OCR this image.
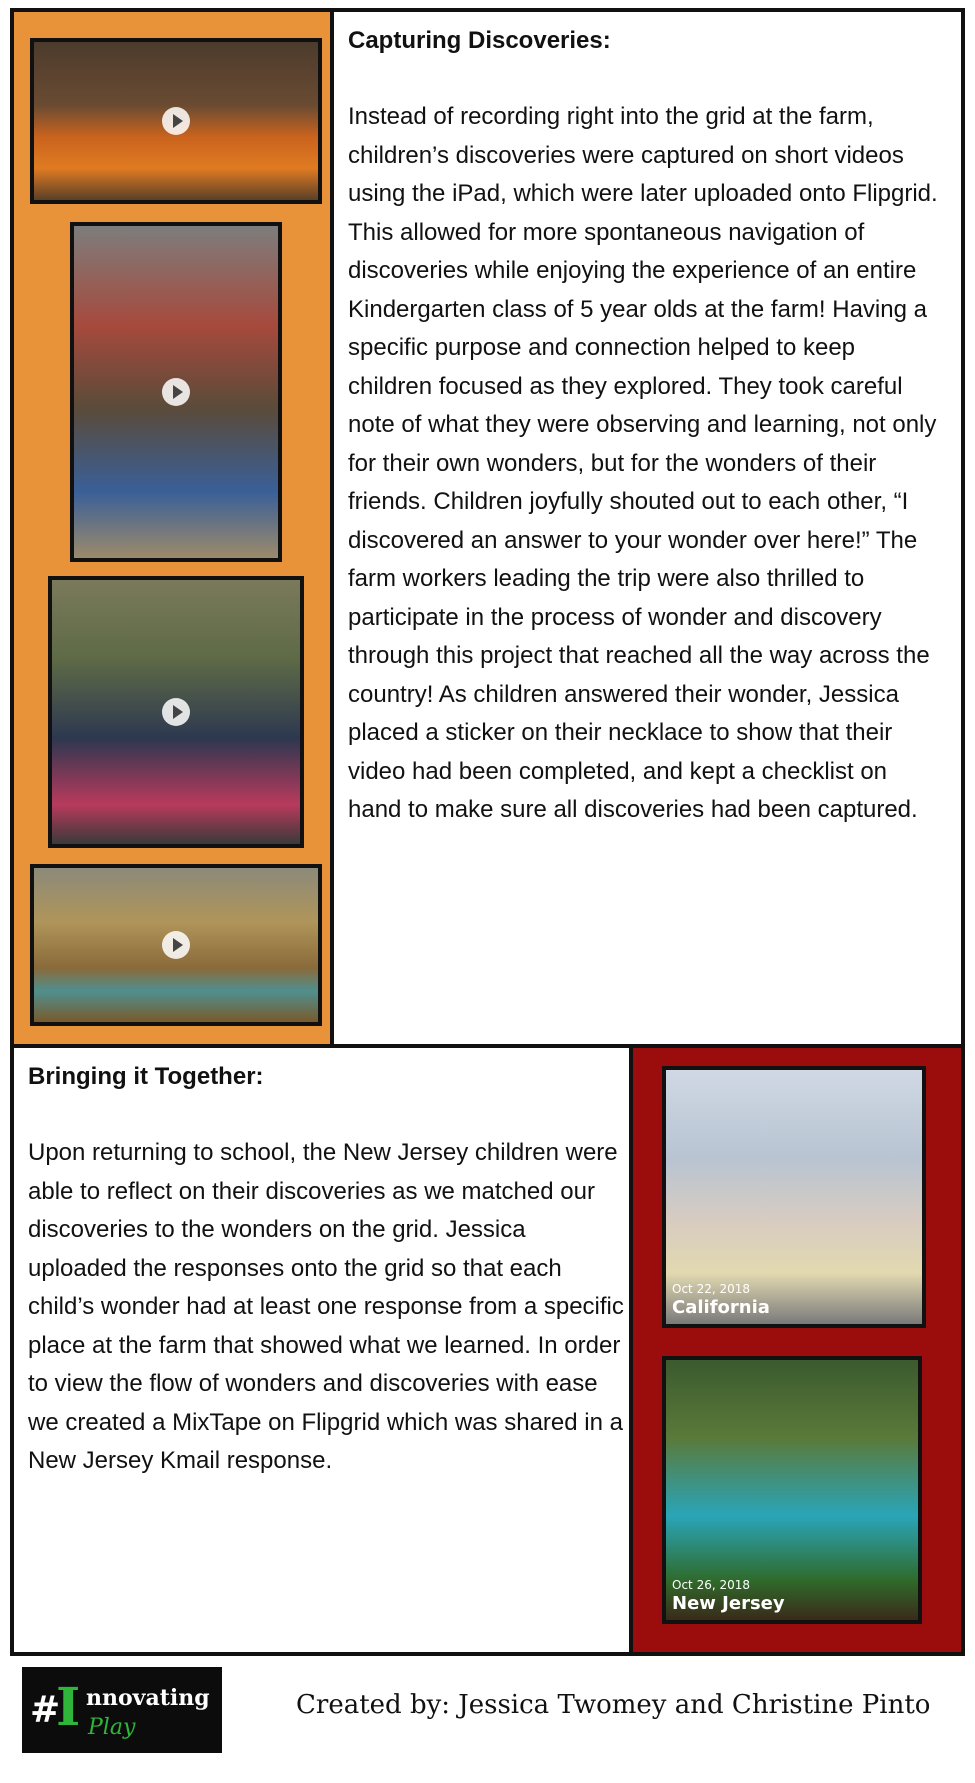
Capturing Discoveries:

Instead of recording right into the grid at the farm, children’s discoveries were captured on short videos using the iPad, which were later uploaded onto Flipgrid. This allowed for more spontaneous navigation of discoveries while enjoying the experience of an entire Kindergarten class of 5 year olds at the farm! Having a specific purpose and connection helped to keep children focused as they explored. They took careful note of what they were observing and learning, not only for their own wonders, but for the wonders of their friends. Children joyfully shouted out to each other, “I discovered an answer to your wonder over here!” The farm workers leading the trip were also thrilled to participate in the process of wonder and discovery through this project that reached all the way across the country! As children answered their wonder, Jessica placed a sticker on their necklace to show that their video had been completed, and kept a checklist on hand to make sure all discoveries had been captured.

Bringing it Together:

Upon returning to school, the New Jersey children were able to reflect on their discoveries as we matched our discoveries to the wonders on the grid. Jessica uploaded the responses onto the grid so that each child’s wonder had at least one response from a specific place at the farm that showed what we learned. In order to view the flow of wonders and discoveries with ease we created a MixTape on Flipgrid which was shared in a New Jersey Kmail response.

Oct 22, 2018
California
Oct 26, 2018
New Jersey
#
I nnovating
Play
Created by: Jessica Twomey and Christine Pinto
